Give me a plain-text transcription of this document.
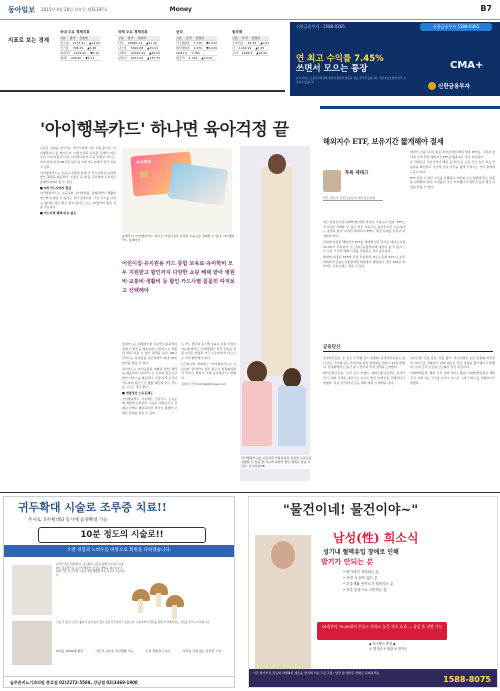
동아일보 2015년 4월 28일 화요일 제31187호	Money	B7
지표로 보는 경제
국내 주요 경제지표
구분 종가 전일비
코스피 2173.41 ▲14.02
코스닥 706.29 ▲3.48
원/달러 1078.40 ▼6.10
원/엔 905.60 ▼2.13
국제 주요 경제지표
구분 종가 전일비
다우 18080.14 ▲21.45
나스닥 5092.08 ▲35.01
니케이 20020.04 ▲89.62
상하이 4527.40 ▲133.73
금리
구분 금리 전일비
국고채3년 1.720 ▼0.010
회사채3년 2.070 ▼0.009
CD91일 1.780 -
콜금리 1.740 ▲0.010
원자재
구분 가격 전일비
두바이유 62.39 ▲0.61
금 1204.95 ▲7.65
구리 6248.5 ▲31.00
신한금융투자 · 1588-0365	신한금융투자 1588-0365
연 최고 수익률 7.45%
쓰면서 모으는 통장	CMA+
※ 투자자는 금융투자상품에 대하여 충분한 설명을 받을 권리가 있습니다. 예금자보호법에 따라 보호되지 않습니다.
신한금융투자
'아이행복카드' 하나면 육아걱정 끝

보육료 지원을 받으려는 학부모라면 지난 1월 출시된 '아이행복카드'를 알아두자. 어린이집과 유치원 등에서 따로 쓰던 '아이사랑카드'와 '아이즐거운카드'를 통합한 카드로, 비씨·롯데·신한·KB국민·하나 등 5개 카드사에서 발급 받을 수 있다.

아이행복카드는 보육료 지원과 함께 각 카드사별로 다양한 할인 혜택을 제공한다. 신청은 읍·면·동 주민센터나 복지로 홈페이지에서 할 수 있다.

■ 5개 카드사에서 발급

아이행복카드는 보육료와 유아학비를 결제하면서 생활비 할인까지 챙길 수 있다는 점이 장점이다. 기존 카드를 가지고 있다면 새로 발급 받지 않아도 오는 12월까지 계속 사용 가능하다.

■ 카드사별 혜택 비교 필요

아이행복
올해부터 '아이행복카드' 하나로 어린이집과 유치원 보육료를 결제할 수 있다. 아이행복카드 홈페이지
어린이집·유치원용 카드 통합 보육료·유아학비 모두 지원받고 할인까지 다양한 쇼핑 혜택 받아 병원비·교통비·생활비 등 할인 카드사별 꼼꼼히 따져보고 선택해야

롯데카드는 대형마트와 온라인쇼핑몰에서 결제 시 할인을 제공하며, 신한카드는 학원과 병원 이용 시 할인 혜택을 준다. KB국민카드는 육아용품 전문점에서 최대 10% 할인을 받을 수 있다.

하나카드는 놀이공원과 영화관 할인 혜택을 제공하며, 비씨카드는 주유와 통신요금 할인 서비스를 제공한다. 전월 실적 조건이 카드마다 다르므로 생활 패턴에 맞는 카드를 고르는 것이 좋다.

■ 연말정산 소득공제도

아이행복카드 사용액은 신용카드 소득공제 대상에 포함된다. 보육료 지원금으로 결제된 금액은 제외되지만, 추가로 결제한 금액은 공제를 받을 수 있다.

또 카드 발급과 동시에 보육료 지원 신청이 가능해 절차도 간편해졌다. 다만 보육료 지원 자격은 연령과 가구 소득에 따라 다르므로 미리 확인해야 한다.

보건복지부 관계자는 "아이행복카드로 보육료와 유아학비 지원 창구가 일원화되면서 학부모 편의가 크게 높아졌다"고 말했다.

김현수 기자 kimhs@donga.com

아이행복카드를 이용하면 어린이집과 유치원 보육료를 결제할 수 있을 뿐 아니라 다양한 할인 혜택도 받을 수 있다. 동아일보DB
해외지수 ETF, 보유기간 짧게해야 절세
투톡 재테크
박모 세무사·신한금융투자 세무전문위원

최근 상장지수펀드(ETF)에 대한 관심이 크게 늘고 있다. ETF는 주식처럼 거래할 수 있고 적은 비용으로 분산투자가 가능하다는 장점이 있다. 하지만 해외지수 ETF는 세금 문제를 꼼꼼히 따져봐야 한다.

국내에 상장된 해외지수 ETF를 매매해 얻은 차익은 배당소득세 15.4%가 부과된다. 또 금융소득종합과세 대상이 될 수 있으므로 보유 기간과 매매 시점을 조절하는 것이 중요하다.

해외에 상장된 ETF에 직접 투자하면 양도소득세 22%가 분리과세되어 금융소득종합과세 대상에서 제외된다. 연간 250만 원까지는 기본공제도 받을 수 있다.

따라서 금융소득이 많은 투자자라면 해외 상장 ETF를, 그렇지 않다면 국내 상장 해외지수 ETF를 활용하는 것이 유리하다.

또 과세표준 기준가격이 매일 공시되므로 보유 기간 동안 과표 상승분을 확인하고 가급적 보유 기간을 짧게 가져가는 것이 절세에 도움이 된다.

ETF 투자 시 세금 구조를 이해하고 자신의 소득 상황에 맞는 상품을 선택해야 한다. 수익률만 보고 투자했다가 예상치 못한 세금 부담을 안을 수 있다.

금융단신

삼성자산운용, 中 본토 주식형 펀드 설명회: 삼성자산운용은 중국 본토 주식형 펀드 투자자를 위한 설명회를 연다고 27일 밝혔다. 설명회에서는 중국 증시 전망과 투자 전략을 소개한다.

메리츠종금증권, 고객 감사 이벤트: 메리츠종금증권은 온라인 주식 거래 고객을 대상으로 수수료 할인 이벤트를 진행한다고 밝혔다. 다음 달 말까지 신규 계좌 개설 시 혜택을 준다.

하나은행 '손님 중심' 상품 출시: 하나은행은 손님 맞춤형 자산관리 서비스를 강화하기 위해 새로운 적금 상품을 출시했다고 밝혔다. 우대 금리 조건을 간소화한 것이 특징이다.

미래에셋증권, 해외 주식 거래 서비스 확대: 미래에셋증권은 해외 주식 거래 가능 국가를 늘리고 실시간 시세 서비스를 강화한다고 밝혔다.

귀두확대 시술로 조루증 치료!!
주사로 귀두확대와 동시에 음경확대 가능
10분 정도의 시술로!!
오랜 경험과 노하우를 바탕으로 회원을 다하겠습니다.
늘푸른 비뇨기과에서는 귀두확대 시술을 통해 조루증과 음경 왜소 콤플렉스를 동시에 해결할 수 있는 방법을 제시합니다. 10분 정도의 간단한 시술로 일상생활에 바로 복귀가 가능합니다.
시술 후 통증이 적고 흉터가 남지 않아 많은 분들이 만족하고 있습니다. 전문의와의 상담을 통해 자신에게 맞는 치료를 받으시기 바랍니다.
회전율 1000배 향상	시술 후 곧바로 일상생활 가능	오랜 경험과 노하우	부작용 걱정 없는 안전한 시술
늘푸른비뇨기과의원 종로점 02)2272-5588, 강남점 02)3469-1900
"물건이네! 물건이야~"
남성(性) 희소식
성기내 혈액유입 장애로 인해
발기가 안되는 분
• 발기력이 저하되는 분
• 사정 시 힘이 없는 분
• 부부생활 만족도가 떨어지는 분
• 조루 증상으로 고민하는 분
40대부터 70,80대의 분들도 만족도 높은 치료 효과 — 상담 후 처방 가능
◆ 조이헬스 측정 ◆
① 발기력 ② 혈관 ③ 만족도
기존 발기부전 치료와 차별화된 새로운 방식의 치료 프로그램 / 상담 및 예약은 전화로 문의하세요
1588-8075
